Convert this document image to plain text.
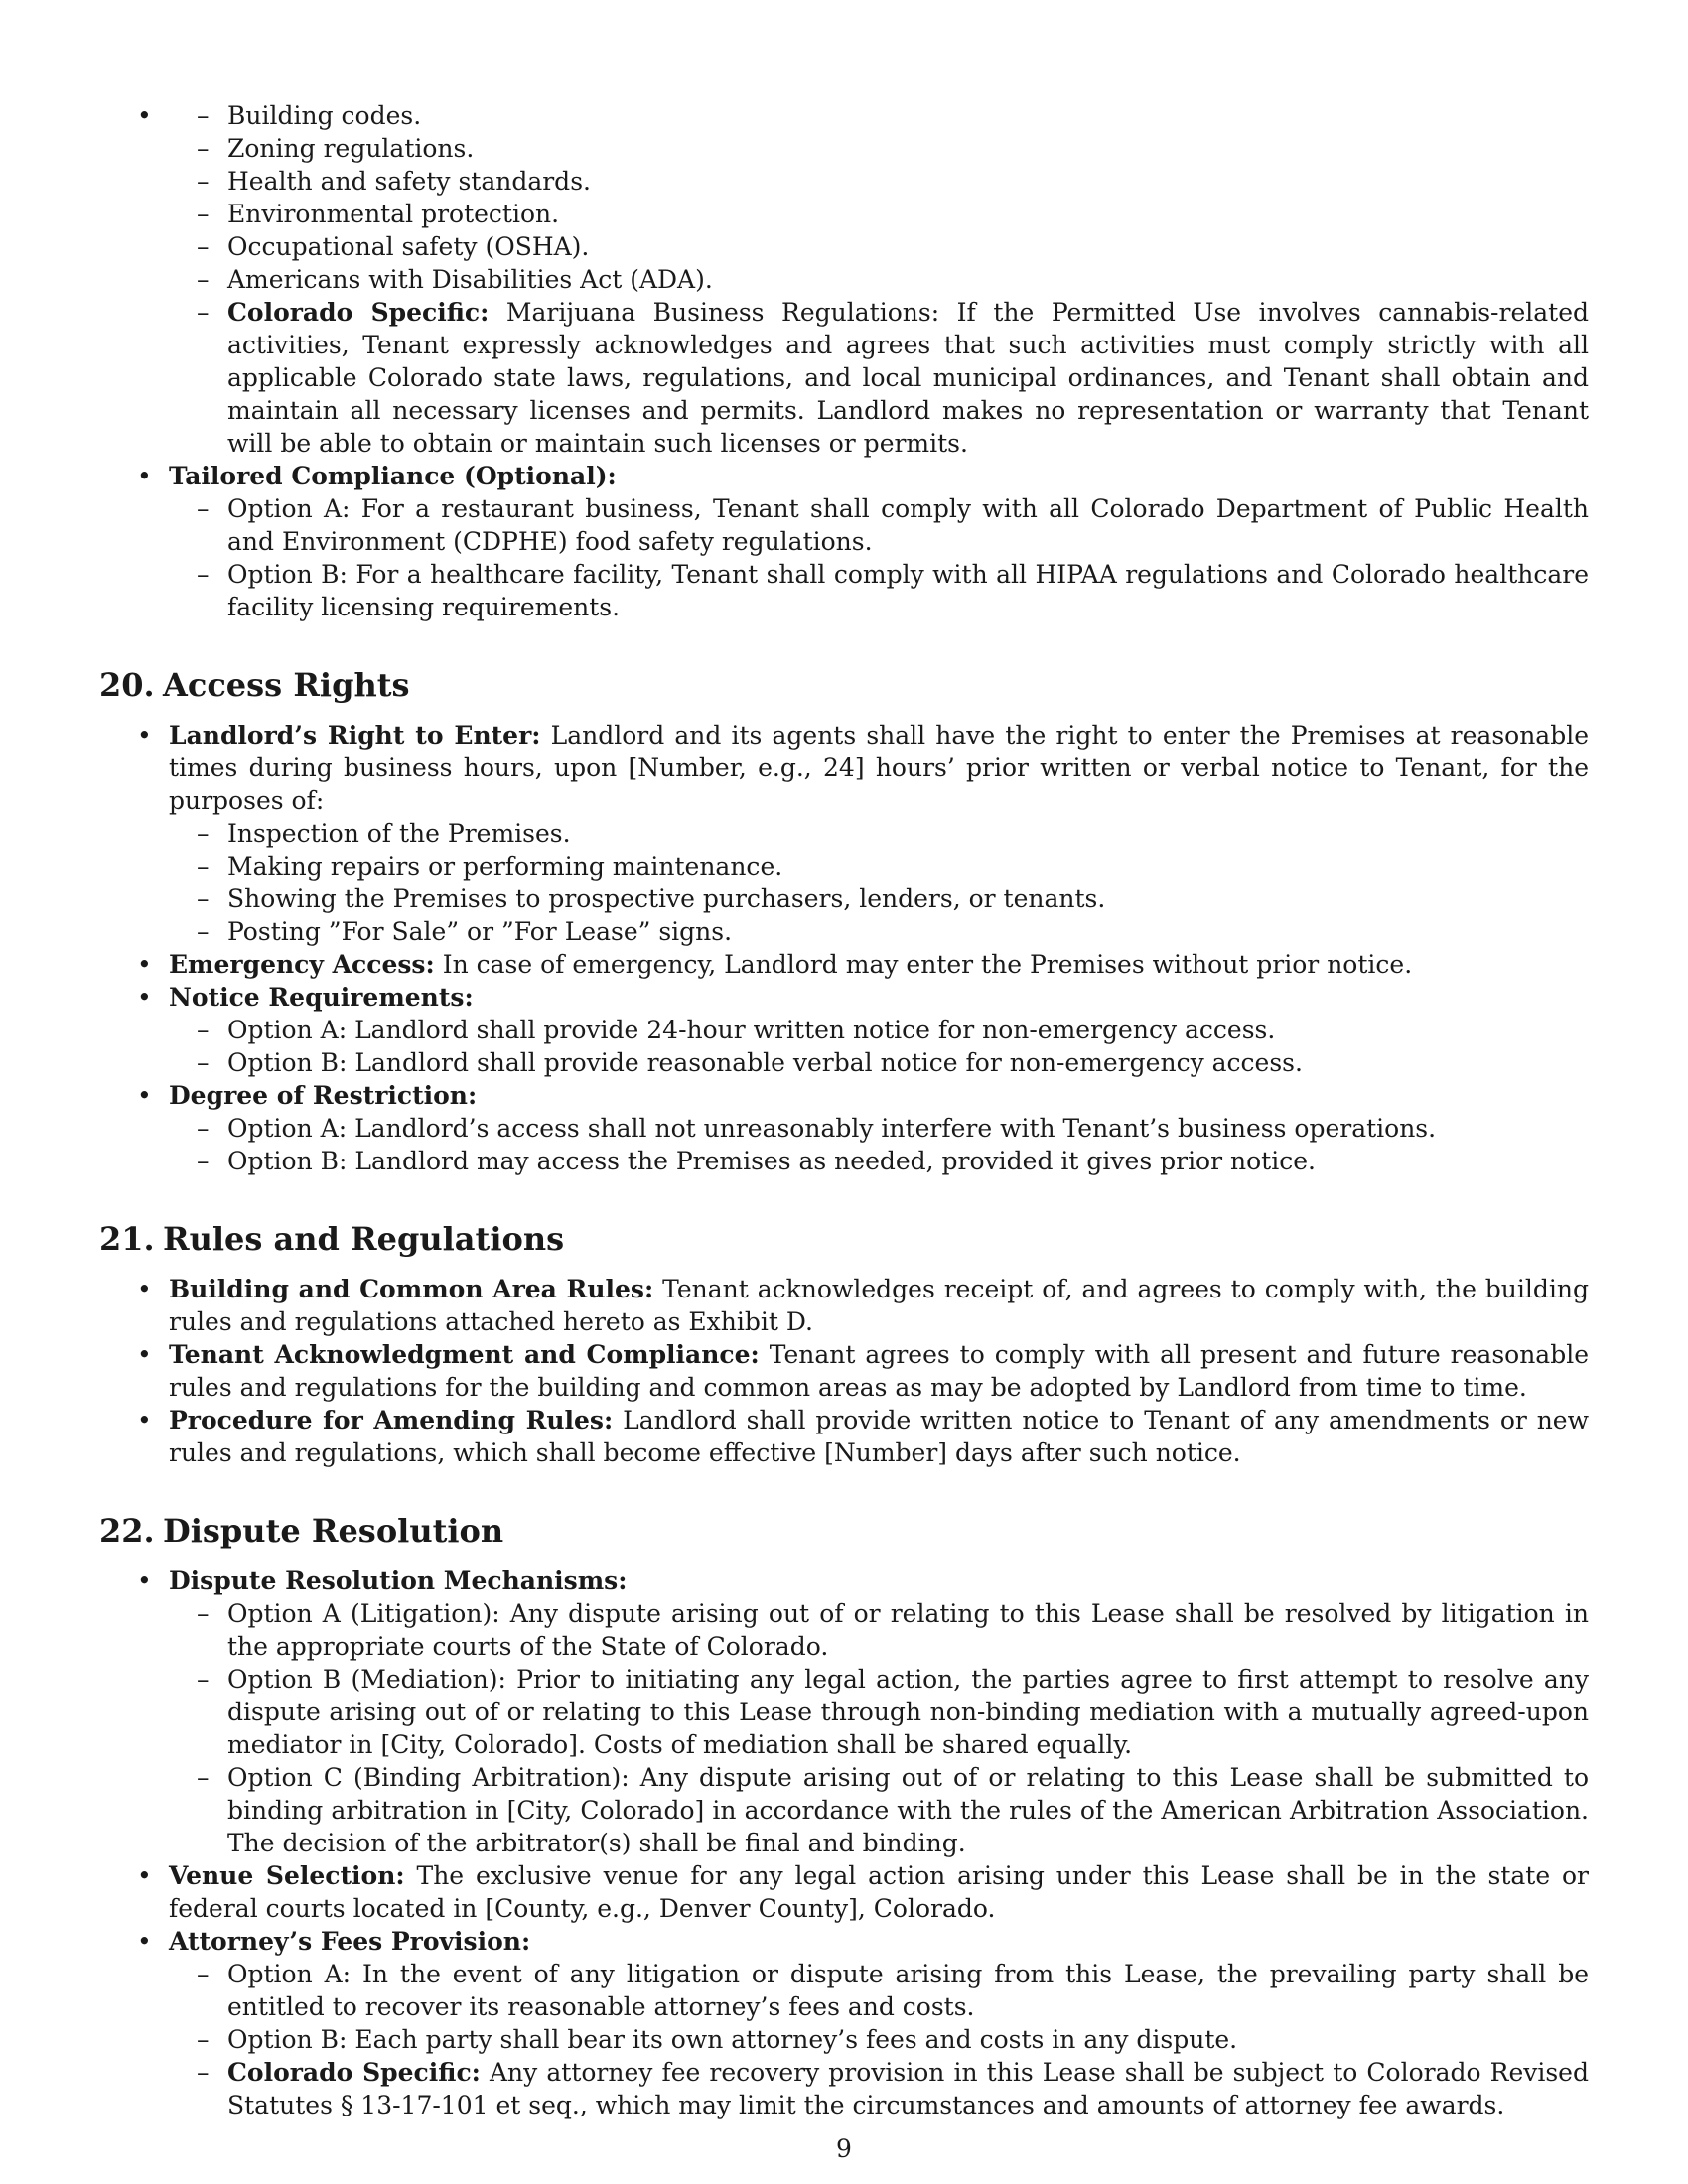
– • Building codes.
– Zoning regulations.
– Health and safety standards.
– Environmental protection.
– Occupational safety (OSHA).
– Americans with Disabilities Act (ADA).
– Colorado Specific: Marijuana Business Regulations: If the Permitted Use involves cannabis-related activities, Tenant expressly acknowledges and agrees that such activities must comply strictly with all applicable Colorado state laws, regulations, and local municipal ordinances, and Tenant shall obtain and maintain all necessary licenses and permits. Landlord makes no representation or warranty that Tenant will be able to obtain or maintain such licenses or permits.
• Tailored Compliance (Optional):
– Option A: For a restaurant business, Tenant shall comply with all Colorado Department of Public Health and Environment (CDPHE) food safety regulations.
– Option B: For a healthcare facility, Tenant shall comply with all HIPAA regulations and Colorado healthcare facility licensing requirements.
20. Access Rights
• Landlord’s Right to Enter: Landlord and its agents shall have the right to enter the Premises at reasonable times during business hours, upon [Number, e.g., 24] hours’ prior written or verbal notice to Tenant, for the purposes of:
– Inspection of the Premises.
– Making repairs or performing maintenance.
– Showing the Premises to prospective purchasers, lenders, or tenants.
– Posting ”For Sale” or ”For Lease” signs.
• Emergency Access: In case of emergency, Landlord may enter the Premises without prior notice.
• Notice Requirements:
– Option A: Landlord shall provide 24-hour written notice for non-emergency access.
– Option B: Landlord shall provide reasonable verbal notice for non-emergency access.
• Degree of Restriction:
– Option A: Landlord’s access shall not unreasonably interfere with Tenant’s business operations.
– Option B: Landlord may access the Premises as needed, provided it gives prior notice.
21. Rules and Regulations
• Building and Common Area Rules: Tenant acknowledges receipt of, and agrees to comply with, the building rules and regulations attached hereto as Exhibit D.
• Tenant Acknowledgment and Compliance: Tenant agrees to comply with all present and future reasonable rules and regulations for the building and common areas as may be adopted by Landlord from time to time.
• Procedure for Amending Rules: Landlord shall provide written notice to Tenant of any amendments or new rules and regulations, which shall become effective [Number] days after such notice.
22. Dispute Resolution
• Dispute Resolution Mechanisms:
– Option A (Litigation): Any dispute arising out of or relating to this Lease shall be resolved by litigation in the appropriate courts of the State of Colorado.
– Option B (Mediation): Prior to initiating any legal action, the parties agree to first attempt to resolve any dispute arising out of or relating to this Lease through non-binding mediation with a mutually agreed-upon mediator in [City, Colorado]. Costs of mediation shall be shared equally.
– Option C (Binding Arbitration): Any dispute arising out of or relating to this Lease shall be submitted to binding arbitration in [City, Colorado] in accordance with the rules of the American Arbitration Association. The decision of the arbitrator(s) shall be final and binding.
• Venue Selection: The exclusive venue for any legal action arising under this Lease shall be in the state or federal courts located in [County, e.g., Denver County], Colorado.
• Attorney’s Fees Provision:
– Option A: In the event of any litigation or dispute arising from this Lease, the prevailing party shall be entitled to recover its reasonable attorney’s fees and costs.
– Option B: Each party shall bear its own attorney’s fees and costs in any dispute.
– Colorado Specific: Any attorney fee recovery provision in this Lease shall be subject to Colorado Revised Statutes § 13-17-101 et seq., which may limit the circumstances and amounts of attorney fee awards.
9
